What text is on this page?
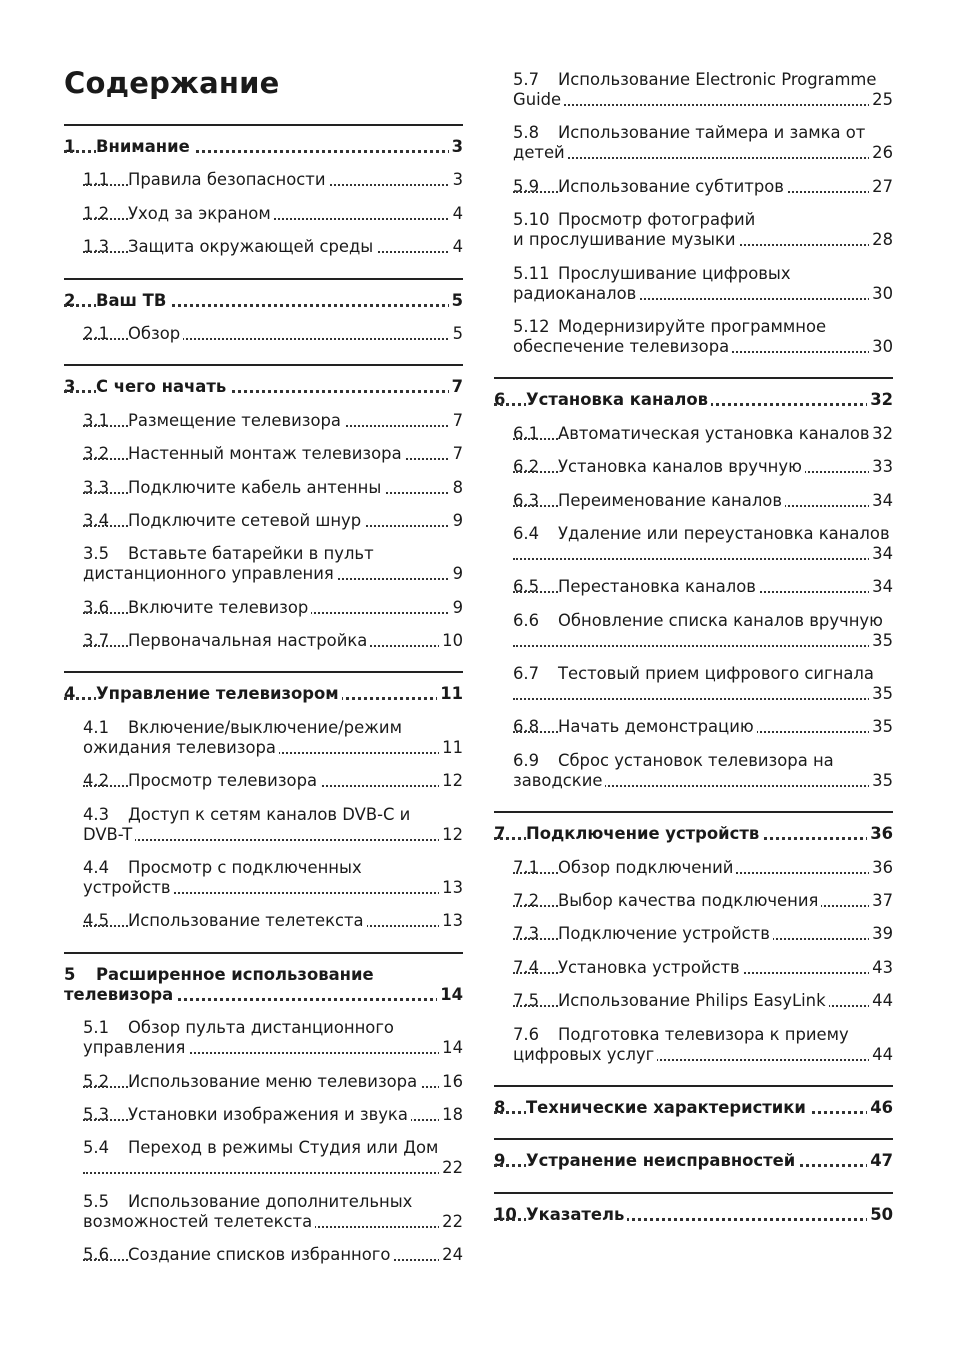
Содержание
1 Внимание	3
1.1 Правила безопасности	3
1.2 Уход за экраном	4
1.3 Защита окружающей среды	4
2 Ваш ТВ	5
2.1 Обзор	5
3 С чего начать	7
3.1 Размещение телевизора	7
3.2 Настенный монтаж телевизора	7
3.3 Подключите кабель антенны	8
3.4 Подключите сетевой шнур	9
3.5 Вставьте батарейки в пульт
дистанционного управления	9
3.6 Включите телевизор	9
3.7 Первоначальная настройка	10
4 Управление телевизором	11
4.1 Включение/выключение/режим
ожидания телевизора	11
4.2 Просмотр телевизора	12
4.3 Доступ к сетям каналов DVB-C и
DVB-T	12
4.4 Просмотр с подключенных
устройств	13
4.5 Использование телетекста	13
5 Расширенное использование
телевизора	14
5.1 Обзор пульта дистанционного
управления	14
5.2 Использование меню телевизора 16
5.3 Установки изображения и звука 18
5.4 Переход в режимы Студия или Дом
22
5.5 Использование дополнительных
возможностей телетекста	22
5.6 Создание списков избранного	24
5.7 Использование Electronic Programme
Guide	25
5.8 Использование таймера и замка от
детей	26
5.9 Использование субтитров	27
5.10 Просмотр фотографий
и прослушивание музыки	28
5.11 Прослушивание цифровых
радиоканалов	30
5.12 Модернизируйте программное
обеспечение телевизора	30
6 Установка каналов	32
6.1 Автоматическая установка каналов 32
6.2 Установка каналов вручную	33
6.3 Переименование каналов	34
6.4 Удаление или переустановка каналов
34
6.5 Перестановка каналов	34
6.6 Обновление списка каналов вручную
35
6.7 Тестовый прием цифрового сигнала
35
6.8 Начать демонстрацию	35
6.9 Сброс установок телевизора на
заводские	35
7 Подключение устройств	36
7.1 Обзор подключений	36
7.2 Выбор качества подключения	37
7.3 Подключение устройств	39
7.4 Установка устройств	43
7.5 Использование Philips EasyLink	44
7.6 Подготовка телевизора к приему
цифровых услуг	44
8 Технические характеристики	46
9 Устранение неисправностей	47
10 Указатель	50
